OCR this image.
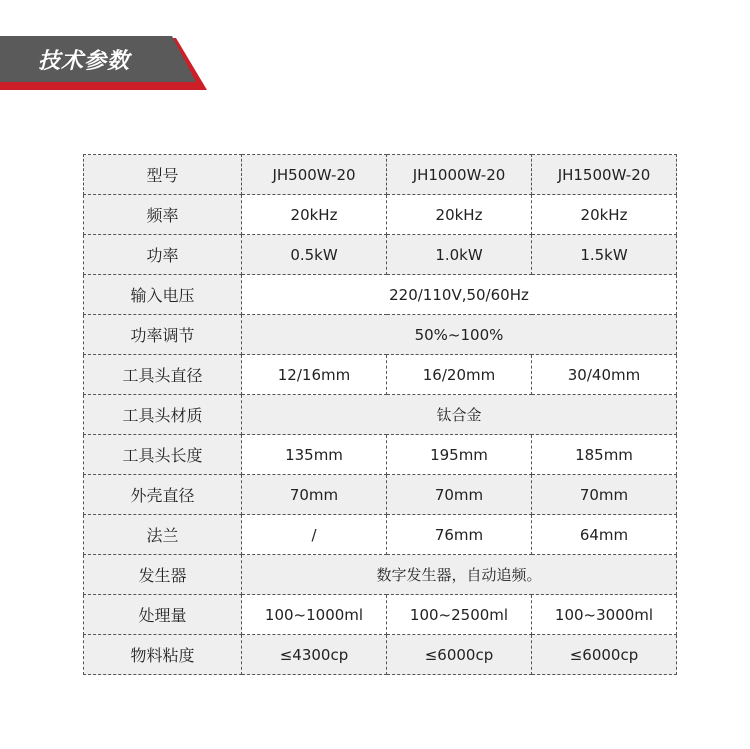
技术参数
型号	JH500W-20	JH1000W-20	JH1500W-20
频率	20kHz	20kHz	20kHz
功率	0.5kW	1.0kW	1.5kW
输入电压	220/110V,50/60Hz		
功率调节	50%~100%		
工具头直径	12/16mm	16/20mm	30/40mm
工具头材质	钛合金		
工具头长度	135mm	195mm	185mm
外壳直径	70mm	70mm	70mm
法兰	/	76mm	64mm
发生器	数字发生器，自动追频。		
处理量	100~1000ml	100~2500ml	100~3000ml
物料粘度	≤4300cp	≤6000cp	≤6000cp
